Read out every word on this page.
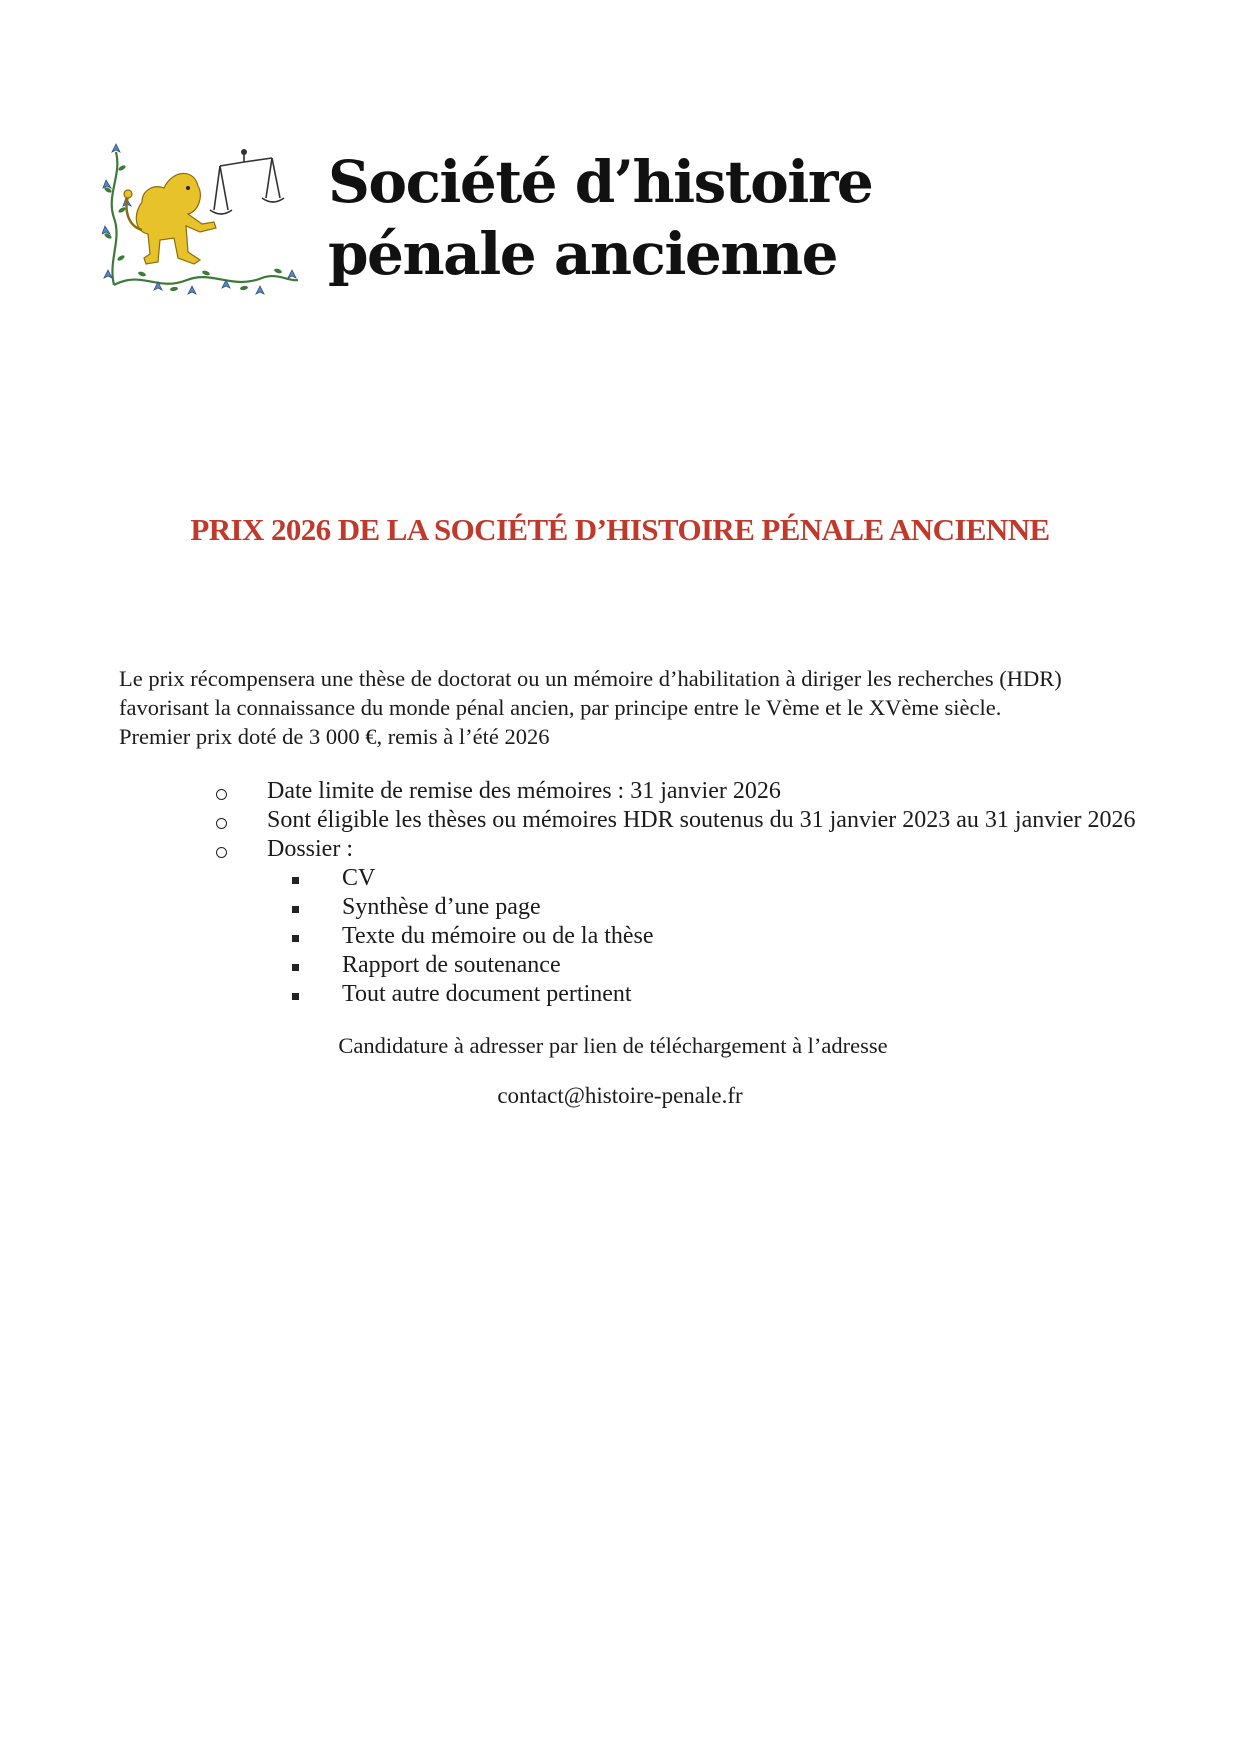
Société d’histoire
pénale ancienne
PRIX 2026 DE LA SOCIÉTÉ D’HISTOIRE PÉNALE ANCIENNE
Le prix récompensera une thèse de doctorat ou un mémoire d’habilitation à diriger les recherches (HDR)
favorisant la connaissance du monde pénal ancien, par principe entre le Vème et le XVème siècle.
Premier prix doté de 3 000 €, remis à l’été 2026
Date limite de remise des mémoires : 31 janvier 2026
Sont éligible les thèses ou mémoires HDR soutenus du 31 janvier 2023 au 31 janvier 2026
Dossier :
CV
Synthèse d’une page
Texte du mémoire ou de la thèse
Rapport de soutenance
Tout autre document pertinent
Candidature à adresser par lien de téléchargement à l’adresse
contact@histoire-penale.fr
